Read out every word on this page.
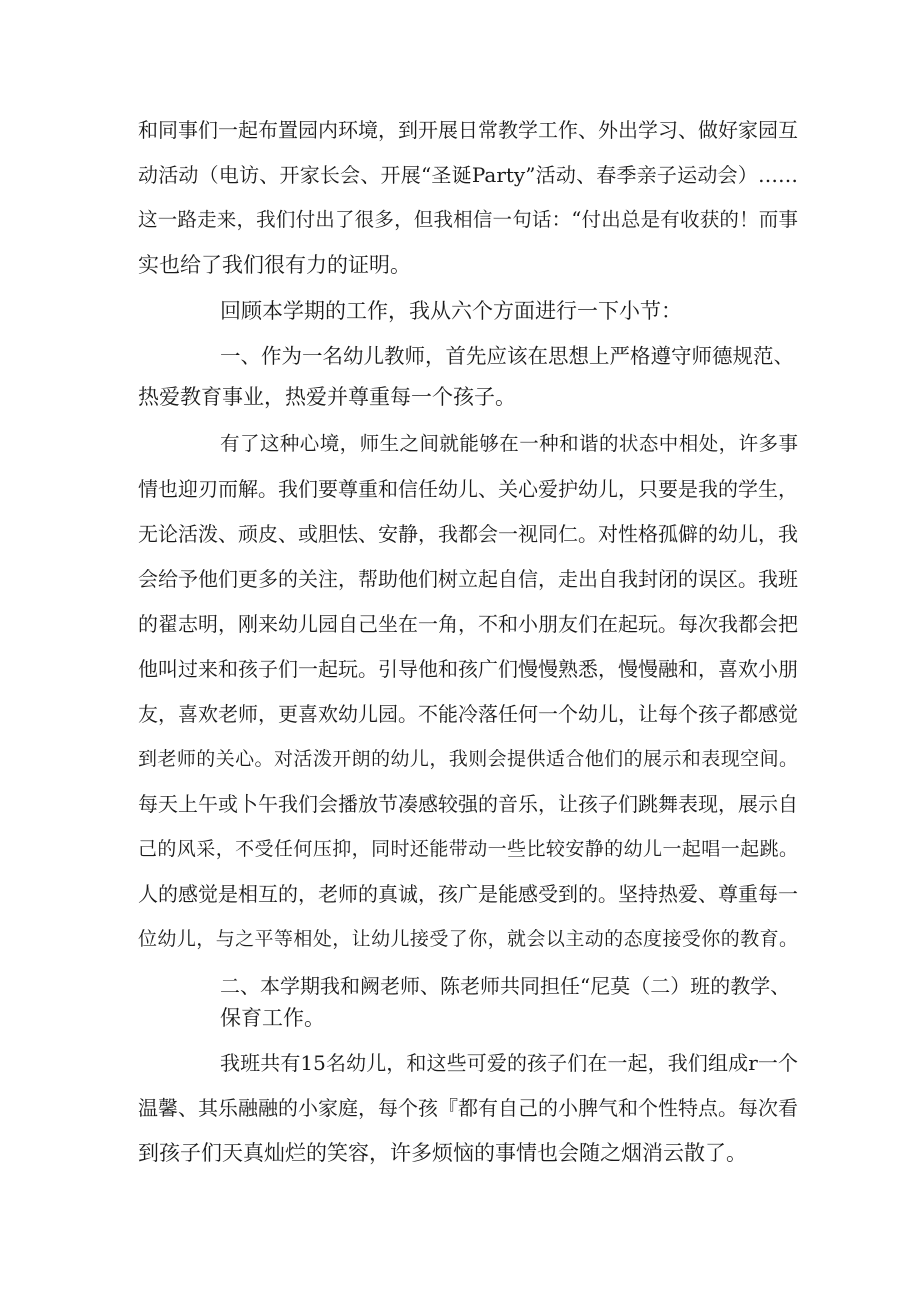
和同事们一起布置园内环境，到开展日常教学工作、外出学习、做好家园互
动活动（电访、开家长会、开展“圣诞Party”活动、春季亲子运动会）……
这一路走来，我们付出了很多，但我相信一句话：“付出总是有收获的！而事
实也给了我们很有力的证明。
回顾本学期的工作，我从六个方面进行一下小节：
一、作为一名幼儿教师，首先应该在思想上严格遵守师德规范、
热爱教育事业，热爱并尊重每一个孩子。
有了这种心境，师生之间就能够在一种和谐的状态中相处，许多事
情也迎刃而解。我们要尊重和信任幼儿、关心爱护幼儿，只要是我的学生，
无论活泼、顽皮、或胆怯、安静，我都会一视同仁。对性格孤僻的幼儿，我
会给予他们更多的关注，帮助他们树立起自信，走出自我封闭的误区。我班
的翟志明，刚来幼儿园自己坐在一角，不和小朋友们在起玩。每次我都会把
他叫过来和孩子们一起玩。引导他和孩广们慢慢熟悉，慢慢融和，喜欢小朋
友，喜欢老师，更喜欢幼儿园。不能冷落任何一个幼儿，让每个孩子都感觉
到老师的关心。对活泼开朗的幼儿，我则会提供适合他们的展示和表现空间。
每天上午或卜午我们会播放节凑感较强的音乐，让孩子们跳舞表现，展示自
己的风采，不受任何压抑，同时还能带动一些比较安静的幼儿一起唱一起跳。
人的感觉是相互的，老师的真诚，孩广是能感受到的。坚持热爱、尊重每一
位幼儿，与之平等相处，让幼儿接受了你，就会以主动的态度接受你的教育。
二、本学期我和阙老师、陈老师共同担任“尼莫（二）班的教学、
保育工作。
我班共有15名幼儿，和这些可爱的孩子们在一起，我们组成r一个
温馨、其乐融融的小家庭，每个孩『都有自己的小脾气和个性特点。每次看
到孩子们天真灿烂的笑容，许多烦恼的事情也会随之烟消云散了。
